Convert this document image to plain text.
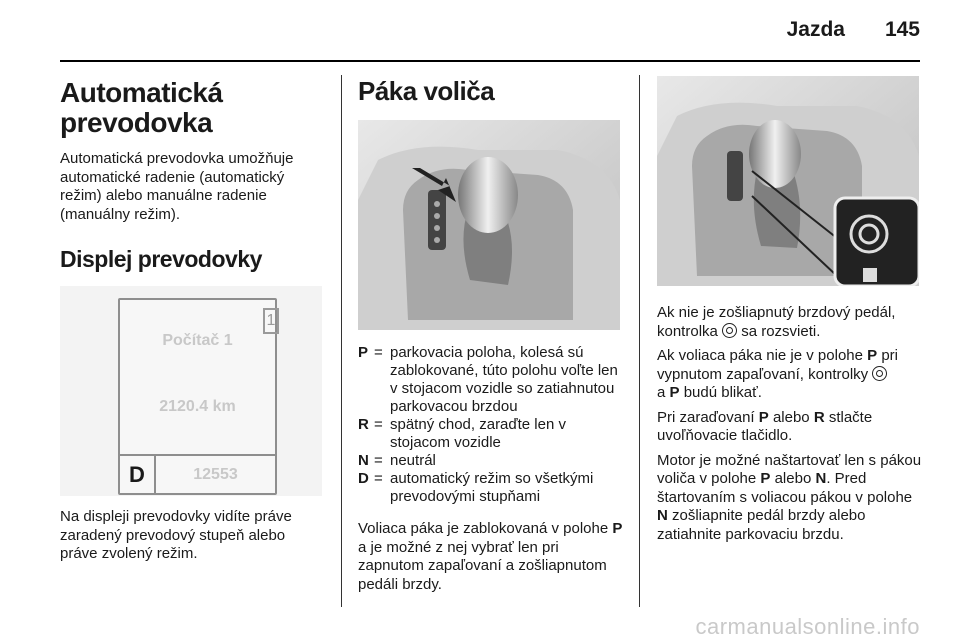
Jazda 145
Automatická prevodovka

Automatická prevodovka umožňuje automatické radenie (automatický režim) alebo manuálne radenie (manuálny režim).

Displej prevodovky
1
Počítač 1
2120.4 km
D	12553

Na displeji prevodovky vidíte práve zaradený prevodový stupeň alebo práve zvolený režim.

Páka voliča
P = parkovacia poloha, kolesá sú zablokované, túto polohu voľte len v stojacom vozidle so zatiahnutou parkovacou brzdou
R = spätný chod, zaraďte len v stojacom vozidle
N = neutrál
D = automatický režim so všetkými prevodovými stupňami

Voliaca páka je zablokovaná v polohe P a je možné z nej vybrať len pri zapnutom zapaľovaní a zošliapnutom pedáli brzdy.

Ak nie je zošliapnutý brzdový pedál, kontrolka  sa rozsvieti.

Ak voliaca páka nie je v polohe P pri vypnutom zapaľovaní, kontrolky
a P budú blikať.

Pri zaraďovaní P alebo R stlačte uvoľňovacie tlačidlo.

Motor je možné naštartovať len s pákou voliča v polohe P alebo N. Pred štartovaním s voliacou pákou v polohe N zošliapnite pedál brzdy alebo zatiahnite parkovaciu brzdu.

carmanualsonline.info
